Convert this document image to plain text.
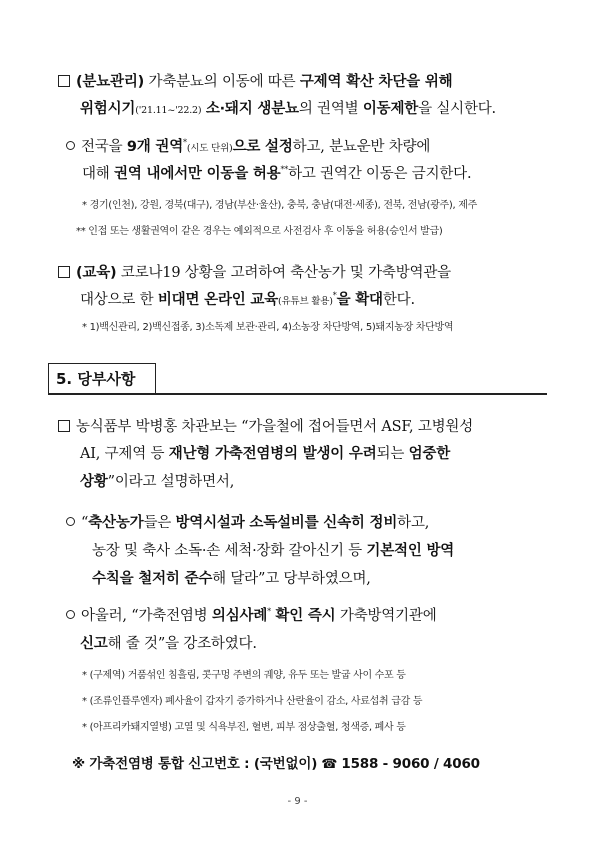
(분뇨관리) 가축분뇨의 이동에 따른 구제역 확산 차단을 위해
위험시기('21.11~'22.2) 소·돼지 생분뇨의 권역별 이동제한을 실시한다.
전국을 9개 권역*(시도 단위)으로 설정하고, 분뇨운반 차량에
대해 권역 내에서만 이동을 허용**하고 권역간 이동은 금지한다.
* 경기(인천), 강원, 경북(대구), 경남(부산·울산), 충북, 충남(대전·세종), 전북, 전남(광주), 제주
** 인접 또는 생활권역이 같은 경우는 예외적으로 사전검사 후 이동을 허용(승인서 발급)
(교육) 코로나19 상황을 고려하여 축산농가 및 가축방역관을
대상으로 한 비대면 온라인 교육(유튜브 활용)*을 확대한다.
* 1)백신관리, 2)백신접종, 3)소독제 보관·관리, 4)소농장 차단방역, 5)돼지농장 차단방역
5. 당부사항
농식품부 박병홍 차관보는 “가을철에 접어들면서 ASF, 고병원성
AI, 구제역 등 재난형 가축전염병의 발생이 우려되는 엄중한
상황”이라고 설명하면서,
“축산농가들은 방역시설과 소독설비를 신속히 정비하고,
농장 및 축사 소독·손 세척·장화 갈아신기 등 기본적인 방역
수칙을 철저히 준수해 달라”고 당부하였으며,
아울러, “가축전염병 의심사례* 확인 즉시 가축방역기관에
신고해 줄 것”을 강조하였다.
* (구제역) 거품섞인 침흘림, 콧구멍 주변의 궤양, 유두 또는 발굽 사이 수포 등
* (조류인플루엔자) 폐사율이 갑자기 증가하거나 산란율이 감소, 사료섭취 급감 등
* (아프리카돼지열병) 고열 및 식욕부진, 혈변, 피부 점상출혈, 청색증, 폐사 등
※ 가축전염병 통합 신고번호 : (국번없이) ☎ 1588 - 9060 / 4060
- 9 -
